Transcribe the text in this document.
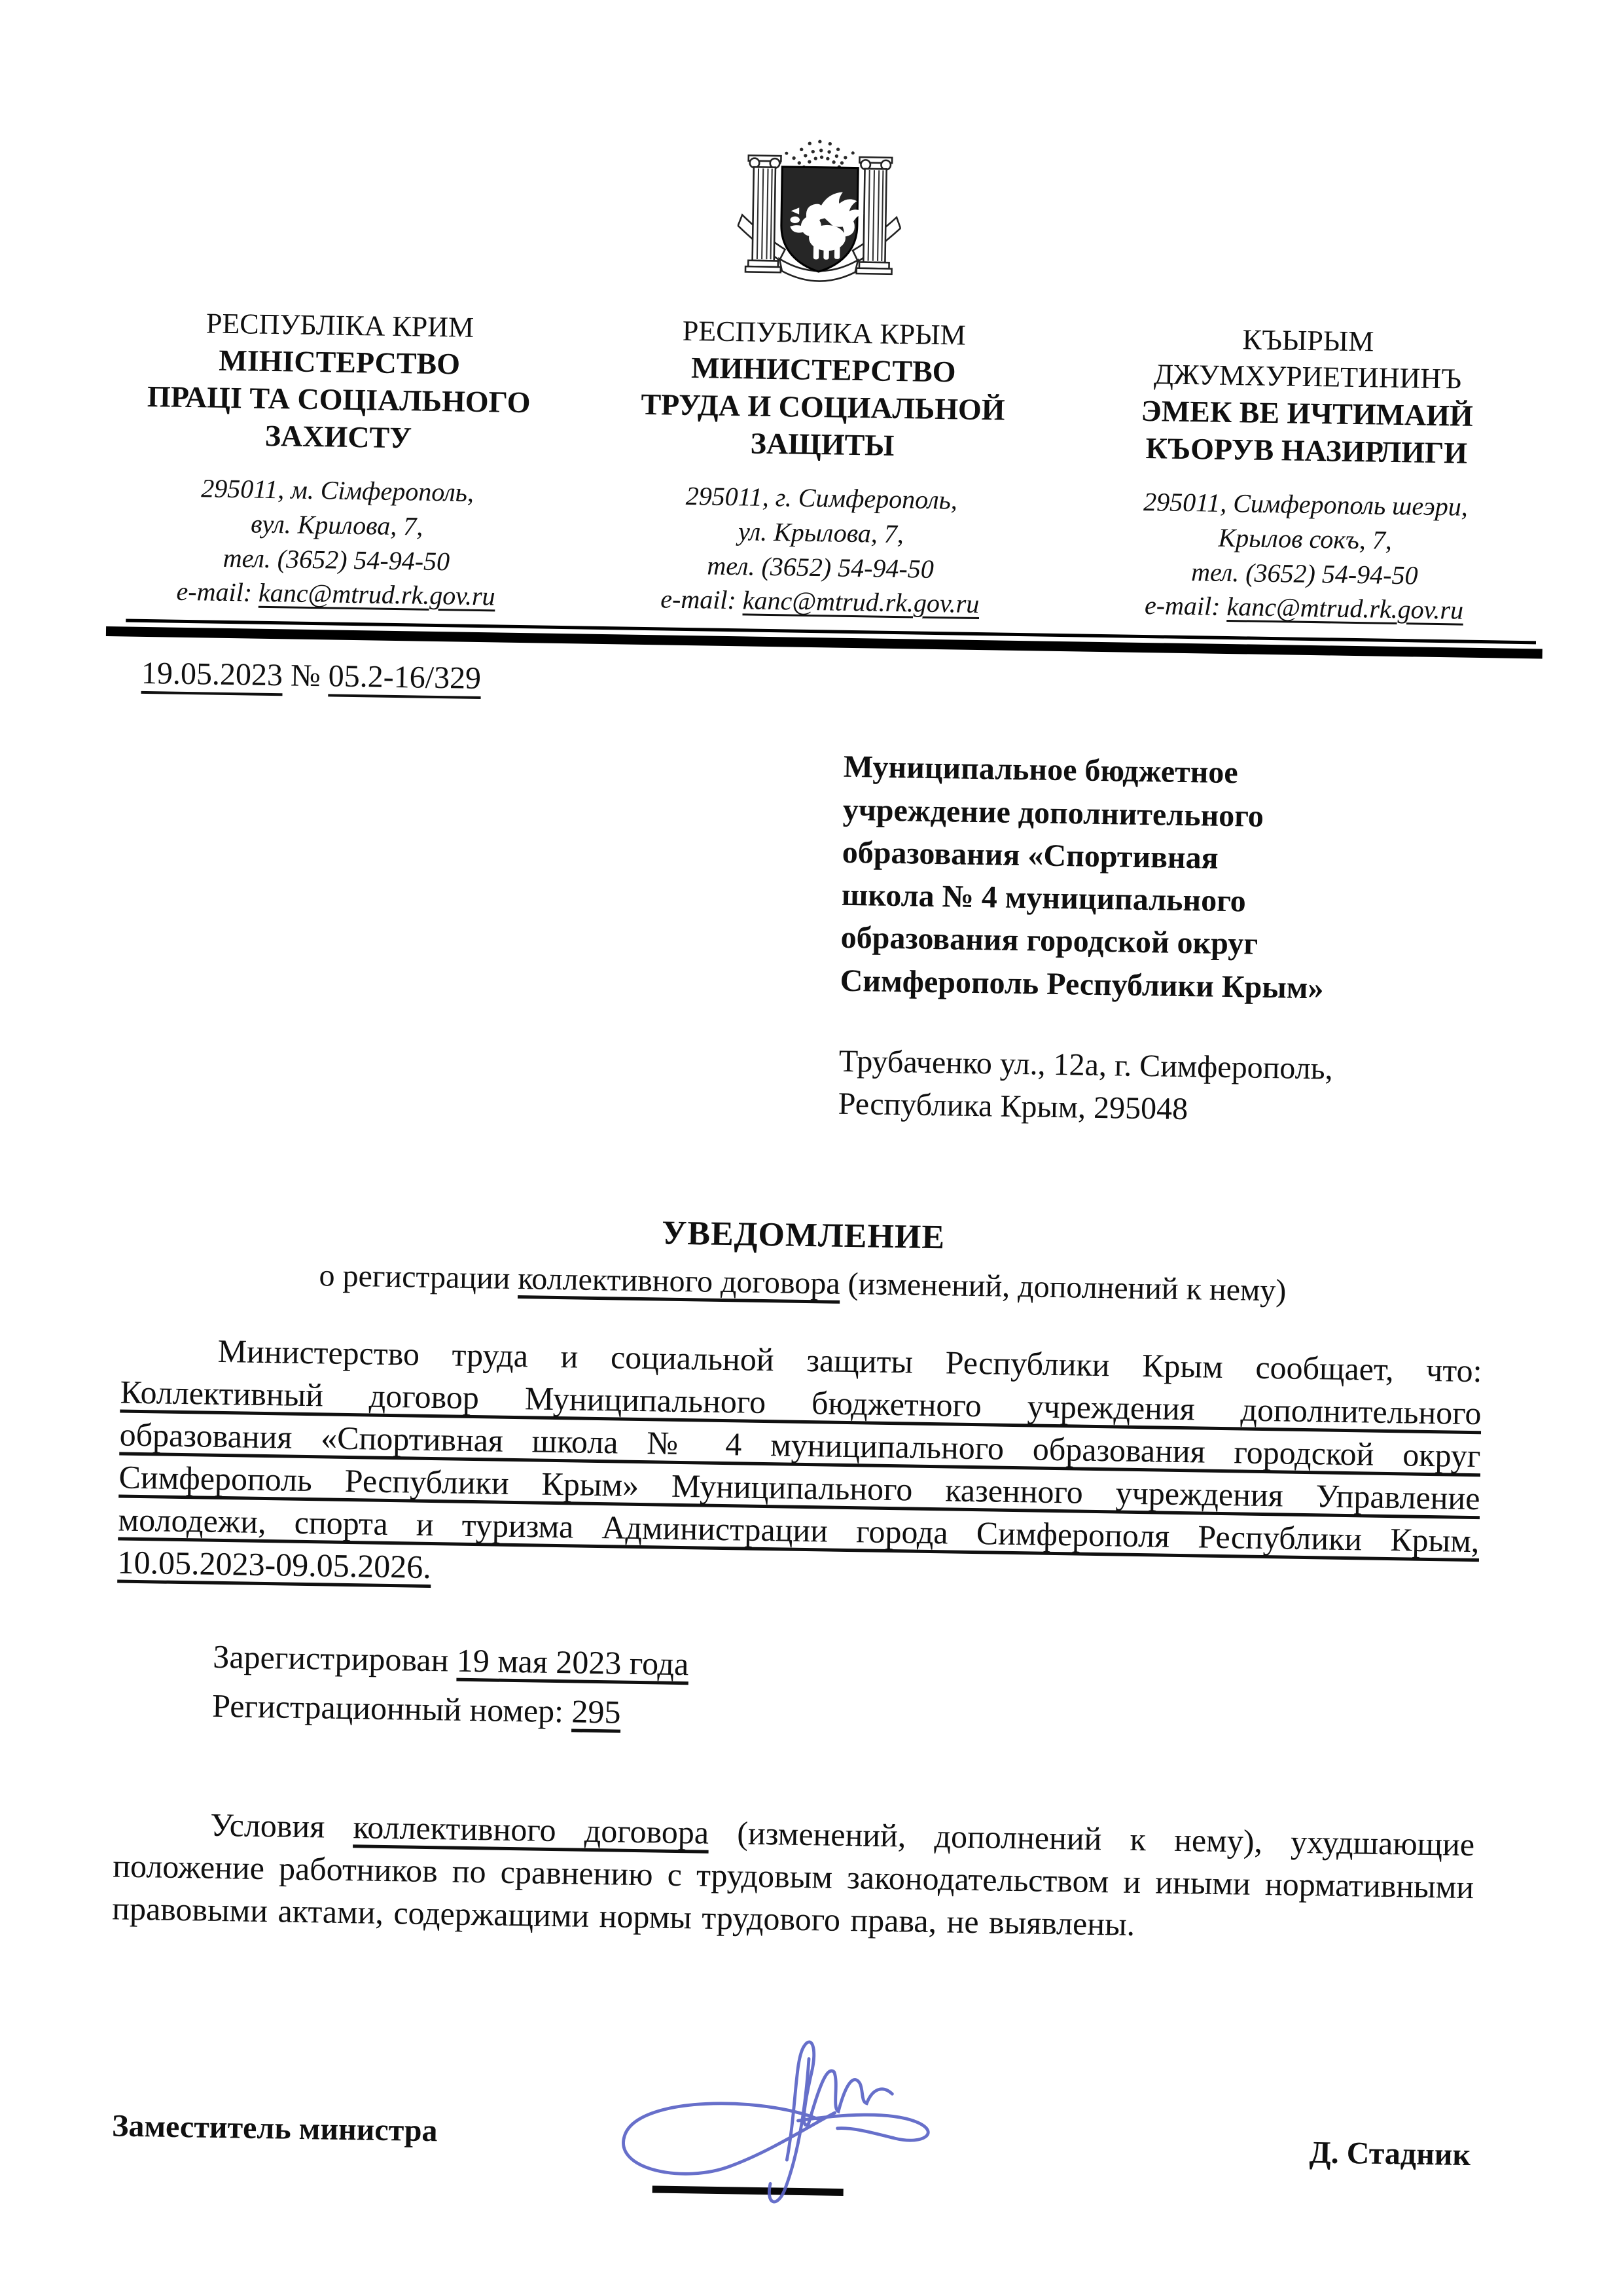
РЕСПУБЛІКА КРИМ
МІНІСТЕРСТВО
ПРАЦІ ТА СОЦІАЛЬНОГО
ЗАХИСТУ
295011, м. Сімферополь,
вул. Крилова, 7,
тел. (3652) 54-94-50
e-mail: kanc@mtrud.rk.gov.ru
РЕСПУБЛИКА КРЫМ
МИНИСТЕРСТВО
ТРУДА И СОЦИАЛЬНОЙ
ЗАЩИТЫ
295011, г. Симферополь,
ул. Крылова, 7,
тел. (3652) 54-94-50
e-mail: kanc@mtrud.rk.gov.ru
КЪЫРЫМ
ДЖУМХУРИЕТИНИНЪ
ЭМЕК ВЕ ИЧТИМАИЙ
КЪОРУВ НАЗИРЛИГИ
295011, Симферополь шеэри,
Крылов сокъ, 7,
тел. (3652) 54-94-50
e-mail: kanc@mtrud.rk.gov.ru
19.05.2023 № 05.2-16/329
Муниципальное бюджетное
учреждение дополнительного
образования «Спортивная
школа № 4 муниципального
образования городской округ
Симферополь Республики Крым»
Трубаченко ул., 12а, г. Симферополь,
Республика Крым, 295048
УВЕДОМЛЕНИЕ
о регистрации коллективного договора (изменений, дополнений к нему)
Министерство труда и социальной защиты Республики Крым сообщает, что: Коллективный договор Муниципального бюджетного учреждения дополнительного образования «Спортивная школа № 4 муниципального образования городской округ Симферополь Республики Крым» Муниципального казенного учреждения Управление молодежи, спорта и туризма Администрации города Симферополя Республики Крым, 10.05.2023-09.05.2026.
Зарегистрирован 19 мая 2023 года
Регистрационный номер: 295
Условия коллективного договора (изменений, дополнений к нему), ухудшающие положение работников по сравнению с трудовым законодательством и иными нормативными правовыми актами, содержащими нормы трудового права, не выявлены.
Заместитель министра
Д. Стадник
